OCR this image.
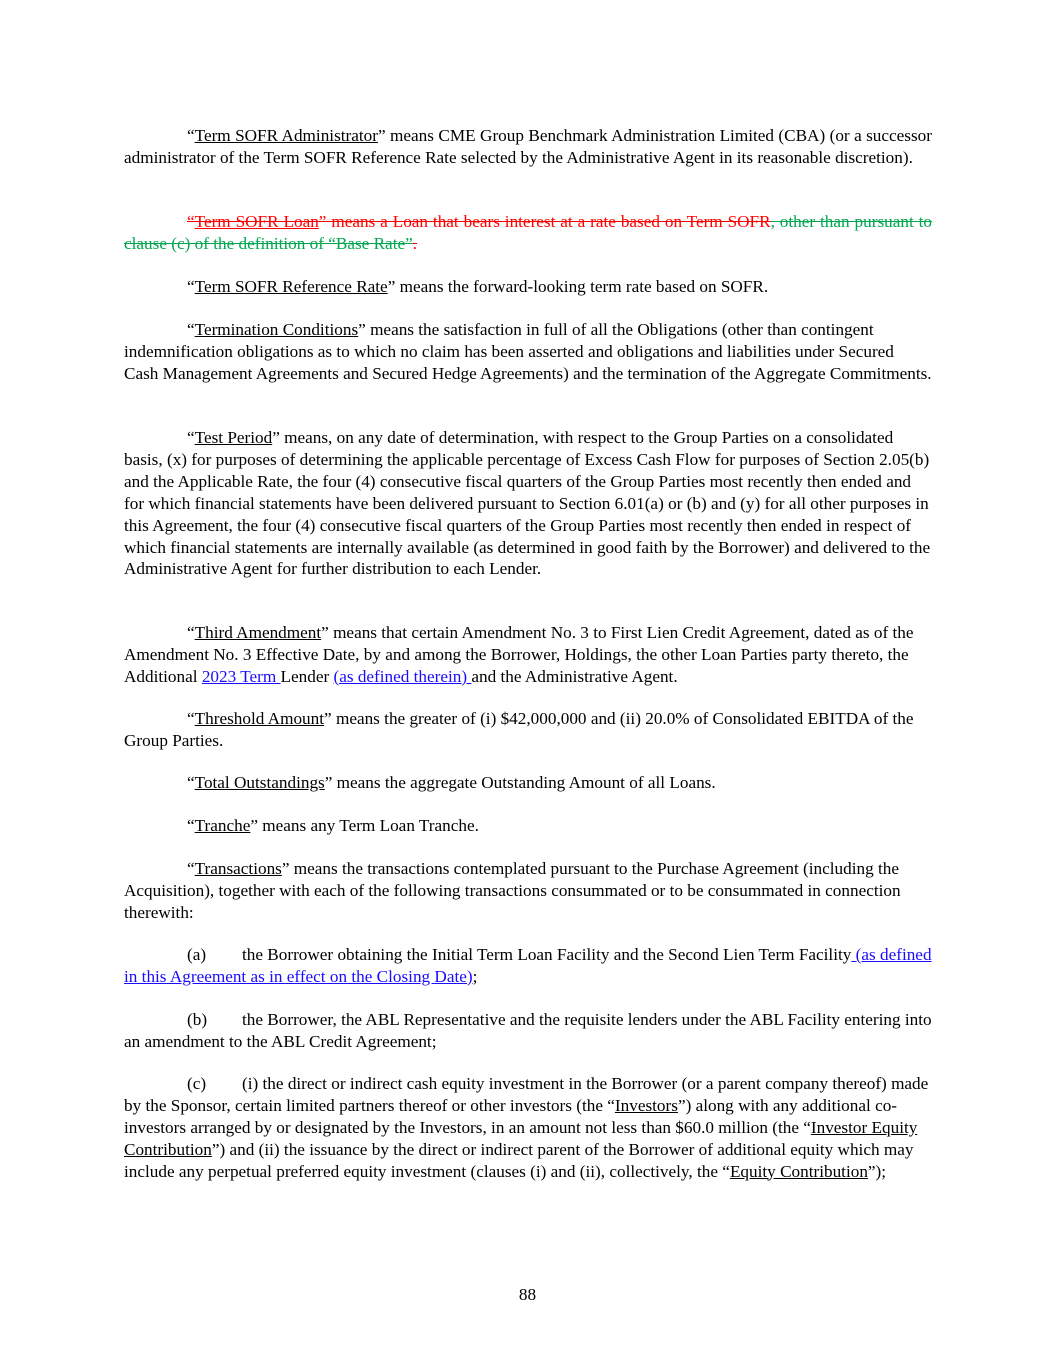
“Term SOFR Administrator” means CME Group Benchmark Administration Limited (CBA) (or a successor administrator of the Term SOFR Reference Rate selected by the Administrative Agent in its reasonable discretion).

“Term SOFR Loan” means a Loan that bears interest at a rate based on Term SOFR, other than pursuant to clause (c) of the definition of “Base Rate”.

“Term SOFR Reference Rate” means the forward-looking term rate based on SOFR.

“Termination Conditions” means the satisfaction in full of all the Obligations (other than contingent indemnification obligations as to which no claim has been asserted and obligations and liabilities under Secured Cash Management Agreements and Secured Hedge Agreements) and the termination of the Aggregate Commitments.

“Test Period” means, on any date of determination, with respect to the Group Parties on a consolidated basis, (x) for purposes of determining the applicable percentage of Excess Cash Flow for purposes of Section 2.05(b) and the Applicable Rate, the four (4) consecutive fiscal quarters of the Group Parties most recently then ended and for which financial statements have been delivered pursuant to Section 6.01(a) or (b) and (y) for all other purposes in this Agreement, the four (4) consecutive fiscal quarters of the Group Parties most recently then ended in respect of which financial statements are internally available (as determined in good faith by the Borrower) and delivered to the Administrative Agent for further distribution to each Lender.

“Third Amendment” means that certain Amendment No. 3 to First Lien Credit Agreement, dated as of the Amendment No. 3 Effective Date, by and among the Borrower, Holdings, the other Loan Parties party thereto, the Additional 2023 Term Lender (as defined therein) and the Administrative Agent.

“Threshold Amount” means the greater of (i) $42,000,000 and (ii) 20.0% of Consolidated EBITDA of the Group Parties.

“Total Outstandings” means the aggregate Outstanding Amount of all Loans.

“Tranche” means any Term Loan Tranche.

“Transactions” means the transactions contemplated pursuant to the Purchase Agreement (including the Acquisition), together with each of the following transactions consummated or to be consummated in connection therewith:

(a) the Borrower obtaining the Initial Term Loan Facility and the Second Lien Term Facility (as defined in this Agreement as in effect on the Closing Date);

(b) the Borrower, the ABL Representative and the requisite lenders under the ABL Facility entering into an amendment to the ABL Credit Agreement;

(c) (i) the direct or indirect cash equity investment in the Borrower (or a parent company thereof) made by the Sponsor, certain limited partners thereof or other investors (the “Investors”) along with any additional co-investors arranged by or designated by the Investors, in an amount not less than $60.0 million (the “Investor Equity Contribution”) and (ii) the issuance by the direct or indirect parent of the Borrower of additional equity which may include any perpetual preferred equity investment (clauses (i) and (ii), collectively, the “Equity Contribution”);

88
